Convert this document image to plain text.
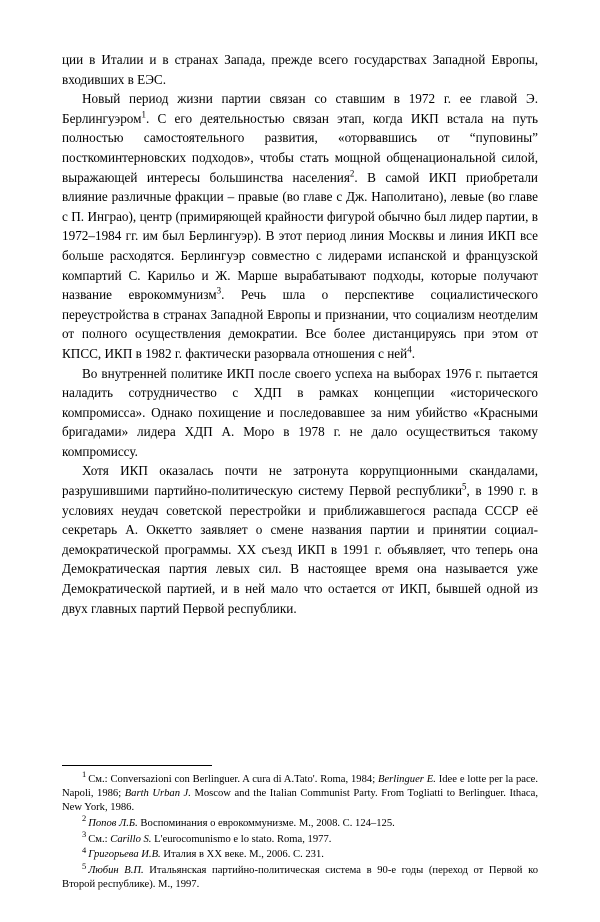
ции в Италии и в странах Запада, прежде всего государствах Западной Европы, входивших в ЕЭС.

Новый период жизни партии связан со ставшим в 1972 г. ее главой Э. Берлингуэром$^1$. С его деятельностью связан этап, когда ИКП встала на путь полностью самостоятельного развития, «оторвавшись от “пуповины” посткоминтерновских подходов», чтобы стать мощной общенациональной силой, выражающей интересы большинства населения$^2$. В самой ИКП приобретали влияние различные фракции – правые (во главе с Дж. Наполитано), левые (во главе с П. Инграо), центр (примиряющей крайности фигурой обычно был лидер партии, в 1972–1984 гг. им был Берлингуэр). В этот период линия Москвы и линия ИКП все больше расходятся. Берлингуэр совместно с лидерами испанской и французской компартий С. Карильо и Ж. Марше вырабатывают подходы, которые получают название еврокоммунизм$^3$. Речь шла о перспективе социалистического переустройства в странах Западной Европы и признании, что социализм неотделим от полного осуществления демократии. Все более дистанцируясь при этом от КПСС, ИКП в 1982 г. фактически разорвала отношения с ней$^4$.

Во внутренней политике ИКП после своего успеха на выборах 1976 г. пытается наладить сотрудничество с ХДП в рамках концепции «исторического компромисса». Однако похищение и последовавшее за ним убийство «Красными бригадами» лидера ХДП А. Моро в 1978 г. не дало осуществиться такому компромиссу.

Хотя ИКП оказалась почти не затронута коррупционными скандалами, разрушившими партийно-политическую систему Первой республики$^5$, в 1990 г. в условиях неудач советской перестройки и приближавшегося распада СССР её секретарь А. Оккетто заявляет о смене названия партии и принятии социал-демократической программы. XX съезд ИКП в 1991 г. объявляет, что теперь она Демократическая партия левых сил. В настоящее время она называется уже Демократической партией, и в ней мало что остается от ИКП, бывшей одной из двух главных партий Первой республики.

$^1$ См.: Conversazioni con Berlinguer. A cura di A.Tato'. Roma, 1984; Berlinguer E. Idee e lotte per la pace. Napoli, 1986; Barth Urban J. Moscow and the Italian Communist Party. From Togliatti to Berlinguer. Ithaca, New York, 1986.

$^2$ Попов Л.Б. Воспоминания о еврокоммунизме. М., 2008. С. 124–125.

$^3$ См.: Carillo S. L'eurocomunismo e lo stato. Roma, 1977.

$^4$ Григорьева И.В. Италия в XX веке. М., 2006. С. 231.

$^5$ Любин В.П. Итальянская партийно-политическая система в 90-е годы (переход от Первой ко Второй республике). М., 1997.
